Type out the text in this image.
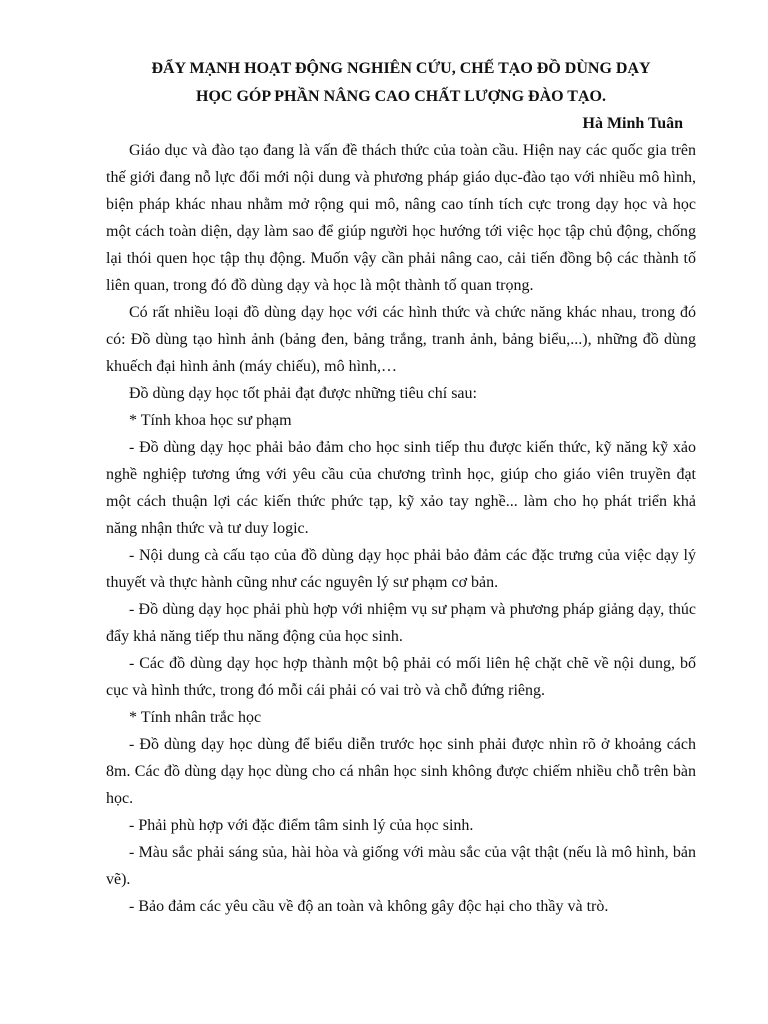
ĐẨY MẠNH HOẠT ĐỘNG NGHIÊN CỨU, CHẾ TẠO ĐỒ DÙNG DẠY
HỌC GÓP PHẦN NÂNG CAO CHẤT LƯỢNG ĐÀO TẠO.

Hà Minh Tuân

Giáo dục và đào tạo đang là vấn đề thách thức của toàn cầu. Hiện nay các quốc gia trên thế giới đang nỗ lực đổi mới nội dung và phương pháp giáo dục-đào tạo với nhiều mô hình, biện pháp khác nhau nhằm mở rộng qui mô, nâng cao tính tích cực trong dạy học và học một cách toàn diện, dạy làm sao để giúp người học hướng tới việc học tập chủ động, chống lại thói quen học tập thụ động. Muốn vậy cần phải nâng cao, cải tiến đồng bộ các thành tố liên quan, trong đó đồ dùng dạy và học là một thành tố quan trọng.

Có rất nhiều loại đồ dùng dạy học với các hình thức và chức năng khác nhau, trong đó có: Đồ dùng tạo hình ảnh (bảng đen, bảng trắng, tranh ảnh, bảng biểu,...), những đồ dùng khuếch đại hình ảnh (máy chiếu), mô hình,…

Đồ dùng dạy học tốt phải đạt được những tiêu chí sau:

* Tính khoa học sư phạm

- Đồ dùng dạy học phải bảo đảm cho học sinh tiếp thu được kiến thức, kỹ năng kỹ xảo nghề nghiệp tương ứng với yêu cầu của chương trình học, giúp cho giáo viên truyền đạt một cách thuận lợi các kiến thức phức tạp, kỹ xảo tay nghề... làm cho họ phát triển khả năng nhận thức và tư duy logic.

- Nội dung cà cấu tạo của đồ dùng dạy học phải bảo đảm các đặc trưng của việc dạy lý thuyết và thực hành cũng như các nguyên lý sư phạm cơ bản.

- Đồ dùng dạy học phải phù hợp với nhiệm vụ sư phạm và phương pháp giảng dạy, thúc đẩy khả năng tiếp thu năng động của học sinh.

- Các đồ dùng dạy học hợp thành một bộ phải có mối liên hệ chặt chẽ về nội dung, bố cục và hình thức, trong đó mỗi cái phải có vai trò và chỗ đứng riêng.

* Tính nhân trắc học

- Đồ dùng dạy học dùng để biểu diễn trước học sinh phải được nhìn rõ ở khoảng cách 8m. Các đồ dùng dạy học dùng cho cá nhân học sinh không được chiếm nhiều chỗ trên bàn học.

- Phải phù hợp với đặc điểm tâm sinh lý của học sinh.

- Màu sắc phải sáng sủa, hài hòa và giống với màu sắc của vật thật (nếu là mô hình, bản vẽ).

- Bảo đảm các yêu cầu về độ an toàn và không gây độc hại cho thầy và trò.
